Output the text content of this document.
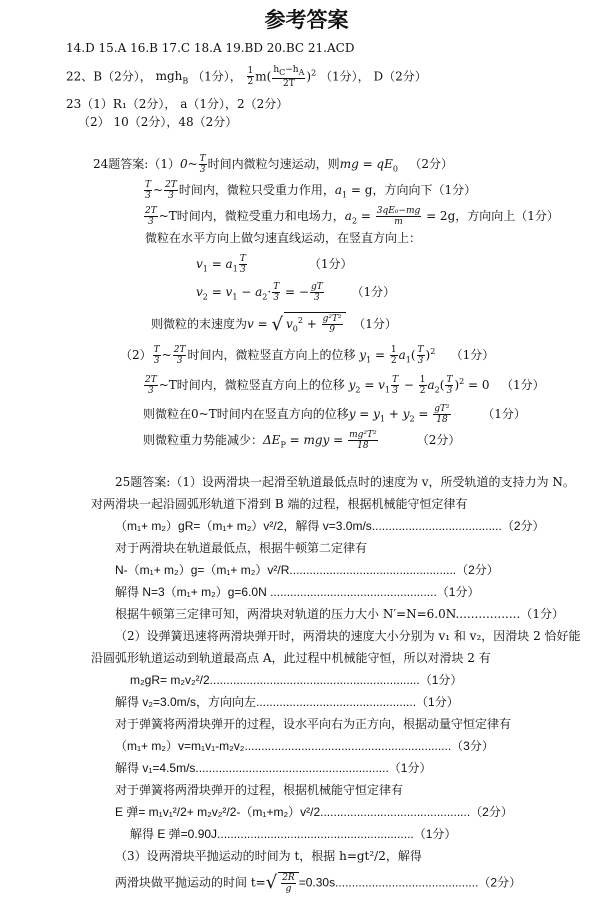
参考答案
14.D 15.A 16.B 17.C 18.A 19.BD 20.BC 21.ACD
22、B（2分）， mgh$_B$ （1分）， $\frac{1}{2} m( \frac{h_C-h_A}{2T} )^2$ （1分）， D（2分）
23（1）R₁（2分）， a（1分），2（2分）
（2） 10（2分），48（2分）
24题答案:（1）0~ $\frac{T}{3}$ 时间内微粒匀速运动，则mg = $qE_0$ （2分）
$\frac{T}{3}$ ~ $\frac{2T}{3}$ 时间内，微粒只受重力作用，$a_1 = g$，方向向下（1分）
$\frac{2T}{3}$ ~T时间内，微粒受重力和电场力，$a_2 = \frac{\text{3qE₀−mg}}{m} = 2g$，方向向上（1分）
微粒在水平方向上做匀速直线运动，在竖直方向上：
$v_1 = a_1 \frac{T}{3}$	（1分）
$v_2 = v_1 - a_2\cdot \frac{T}{3}$ = − $\frac{gT}{3} (1$分）
则微粒的末速度为v = √ $v_0^2 + \frac{\text{g²T²}}{9} (1$分）
$(2) \frac{T}{3}$ ~ $\frac{2T}{3}$ 时间内，微粒竖直方向上的位移 $y_1 = \frac{1}{2} a_1( \frac{T}{3} )^2$ （1分）
$\frac{2T}{3}$ ~T时间内，微粒竖直方向上的位移 $y_2 = v_1 \frac{T}{3} - \frac{1}{2} a_2( \frac{T}{3} )^2 = 0$ （1分）
则微粒在0~T时间内在竖直方向的位移$y = y_1 + y_2 = \frac{\text{gT²}}{18}$	（1分）
则微粒重力势能减少：$\Delta E_P$ = mgy = $\frac{\text{mg²T²}}{18}$	（2分）
25题答案:（1）设两滑块一起滑至轨道最低点时的速度为 v，所受轨道的支持力为 N。
对两滑块一起沿圆弧形轨道下滑到 B 端的过程，根据机械能守恒定律有
（m₁+ m₂）gR=（m₁+ m₂）v²/2，解得 v=3.0m/s.......................................（2分）
对于两滑块在轨道最低点，根据牛顿第二定律有
N-（m₁+ m₂）g=（m₁+ m₂）v²/R..................................................（2分）
解得 N=3（m₁+ m₂）g=6.0N ..................................................（1分）
根据牛顿第三定律可知，两滑块对轨道的压力大小 N′=N=6.0N.................（1分）
（2）设弹簧迅速将两滑块弹开时，两滑块的速度大小分别为 v₁ 和 v₂，因滑块 2 恰好能
沿圆弧形轨道运动到轨道最高点 A，此过程中机械能守恒，所以对滑块 2 有
m₂gR= m₂v₂²/2...............................................................（1分）
解得 v₂=3.0m/s，方向向左................................................（1分）
对于弹簧将两滑块弹开的过程，设水平向右为正方向，根据动量守恒定律有
（m₁+ m₂）v=m₁v₁-m₂v₂..............................................................（3分）
解得 v₁=4.5m/s..........................................................（1分）
对于弹簧将两滑块弹开的过程，根据机械能守恒定律有
E 弹= m₁v₁²/2+ m₂v₂²/2-（m₁+m₂）v²/2.............................................（2分）
解得 E 弹=0.90J...........................................................（1分）
（3）设两滑块平抛运动的时间为 t，根据 h=gt²/2，解得
两滑块做平抛运动的时间 $t=√ \frac{2R}{g} =0.30s...........................................(2$分）
